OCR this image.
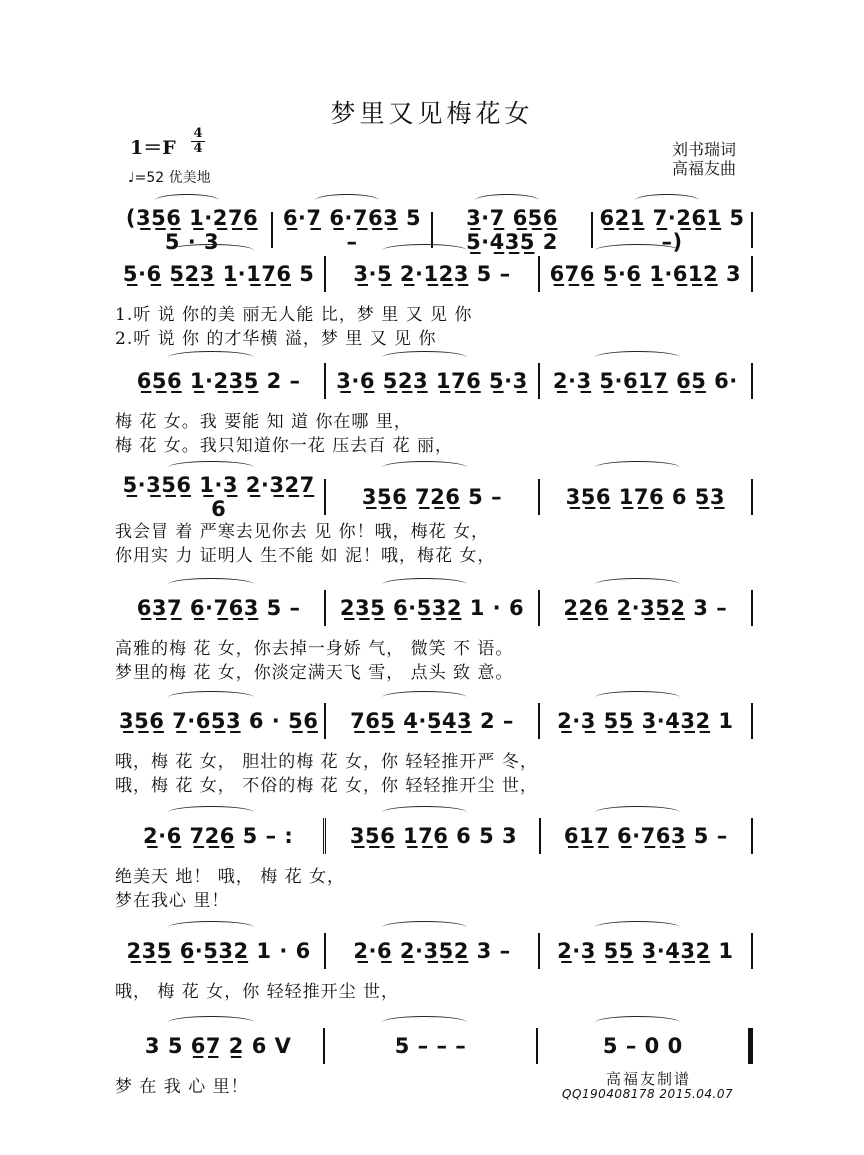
梦里又见梅花女
1＝F
4
4
♩=52 优美地
刘书瑞词
高福友曲
(3̲5̲6̲ 1̲·2̲7̲6̲ 5 · 3
6̲·7̲ 6̲·7̲6̲3̲ 5 –
3̲·7̲ 6̲5̲6̲ 5̲·4̲3̲5̲ 2
6̲2̲1̲ 7̲·2̲6̲1̲ 5 –)
5̲·6̲ 5̲2̲3̲ 1̲·1̲7̲6̲ 5	3̲·5̲ 2̲·1̲2̲3̲ 5 –	6̲7̲6̲ 5̲·6̲ 1̲·6̲1̲2̲ 3
1.听 说 你的美 丽无人能 比，梦 里 又 见 你
2.听 说 你 的才华横 溢，梦 里 又 见 你
6̲5̲6̲ 1̲·2̲3̲5̲ 2 –	3̲·6̲ 5̲2̲3̲ 1̲7̲6̲ 5̲·3̲	2̲·3̲ 5̲·6̲1̲7̲ 6̲5̲ 6·
梅 花 女。我 要能 知 道 你在哪 里，
梅 花 女。我只知道你一花 压去百 花 丽，
5̲·3̲5̲6̲ 1̲·3̲ 2̲·3̲2̲7̲ 6	3̲5̲6̲ 7̲2̲6̲ 5 –	3̲5̲6̲ 1̲7̲6̲ 6 5̲3̲
我会冒 着 严寒去见你去 见 你！哦，梅花 女，
你用实 力 证明人 生不能 如 泥！哦，梅花 女，
6̲3̲7̲ 6̲·7̲6̲3̲ 5 –	2̲3̲5̲ 6̲·5̲3̲2̲ 1 · 6	2̲2̲6̲ 2̲·3̲5̲2̲ 3 –
高雅的梅 花 女，你去掉一身娇 气， 微笑 不 语。
梦里的梅 花 女，你淡定满天飞 雪， 点头 致 意。
3̲5̲6̲ 7̲·6̲5̲3̲ 6 · 5̲6̲	7̲6̲5̲ 4̲·5̲4̲3̲ 2 –	2̲·3̲ 5̲5̲ 3̲·4̲3̲2̲ 1
哦，梅 花 女， 胆壮的梅 花 女，你 轻轻推开严 冬，
哦，梅 花 女， 不俗的梅 花 女，你 轻轻推开尘 世，
2̲·6̲ 7̲2̲6̲ 5 – :	3̲5̲6̲ 1̲7̲6̲ 6 5 3	6̲1̲7̲ 6̲·7̲6̲3̲ 5 –
绝美天 地！ 哦， 梅 花 女，
梦在我心 里！
2̲3̲5̲ 6̲·5̲3̲2̲ 1 · 6	2̲·6̲ 2̲·3̲5̲2̲ 3 –	2̲·3̲ 5̲5̲ 3̲·4̲3̲2̲ 1
哦， 梅 花 女，你 轻轻推开尘 世，
3 5 6̲7̲ 2̲ 6 V	5 – – –	5 – 0 0
梦 在 我 心 里！	高福友制谱
QQ190408178 2015.04.07
